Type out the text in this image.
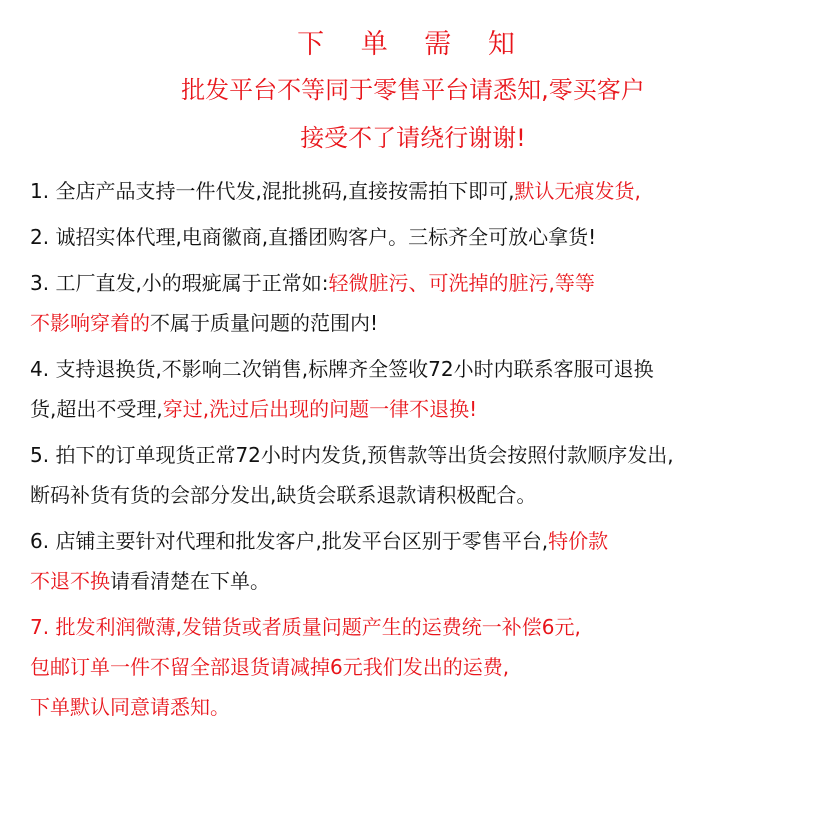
下 单 需 知
批发平台不等同于零售平台请悉知,零买客户
接受不了请绕行谢谢!
1. 全店产品支持一件代发,混批挑码,直接按需拍下即可,默认无痕发货,
2. 诚招实体代理,电商徽商,直播团购客户。三标齐全可放心拿货!
3. 工厂直发,小的瑕疵属于正常如:轻微脏污、可洗掉的脏污,等等
不影响穿着的不属于质量问题的范围内!
4. 支持退换货,不影响二次销售,标牌齐全签收72小时内联系客服可退换
货,超出不受理,穿过,洗过后出现的问题一律不退换!
5. 拍下的订单现货正常72小时内发货,预售款等出货会按照付款顺序发出,
断码补货有货的会部分发出,缺货会联系退款请积极配合。
6. 店铺主要针对代理和批发客户,批发平台区别于零售平台,特价款
不退不换请看清楚在下单。
7. 批发利润微薄,发错货或者质量问题产生的运费统一补偿6元,
包邮订单一件不留全部退货请减掉6元我们发出的运费,
下单默认同意请悉知。
